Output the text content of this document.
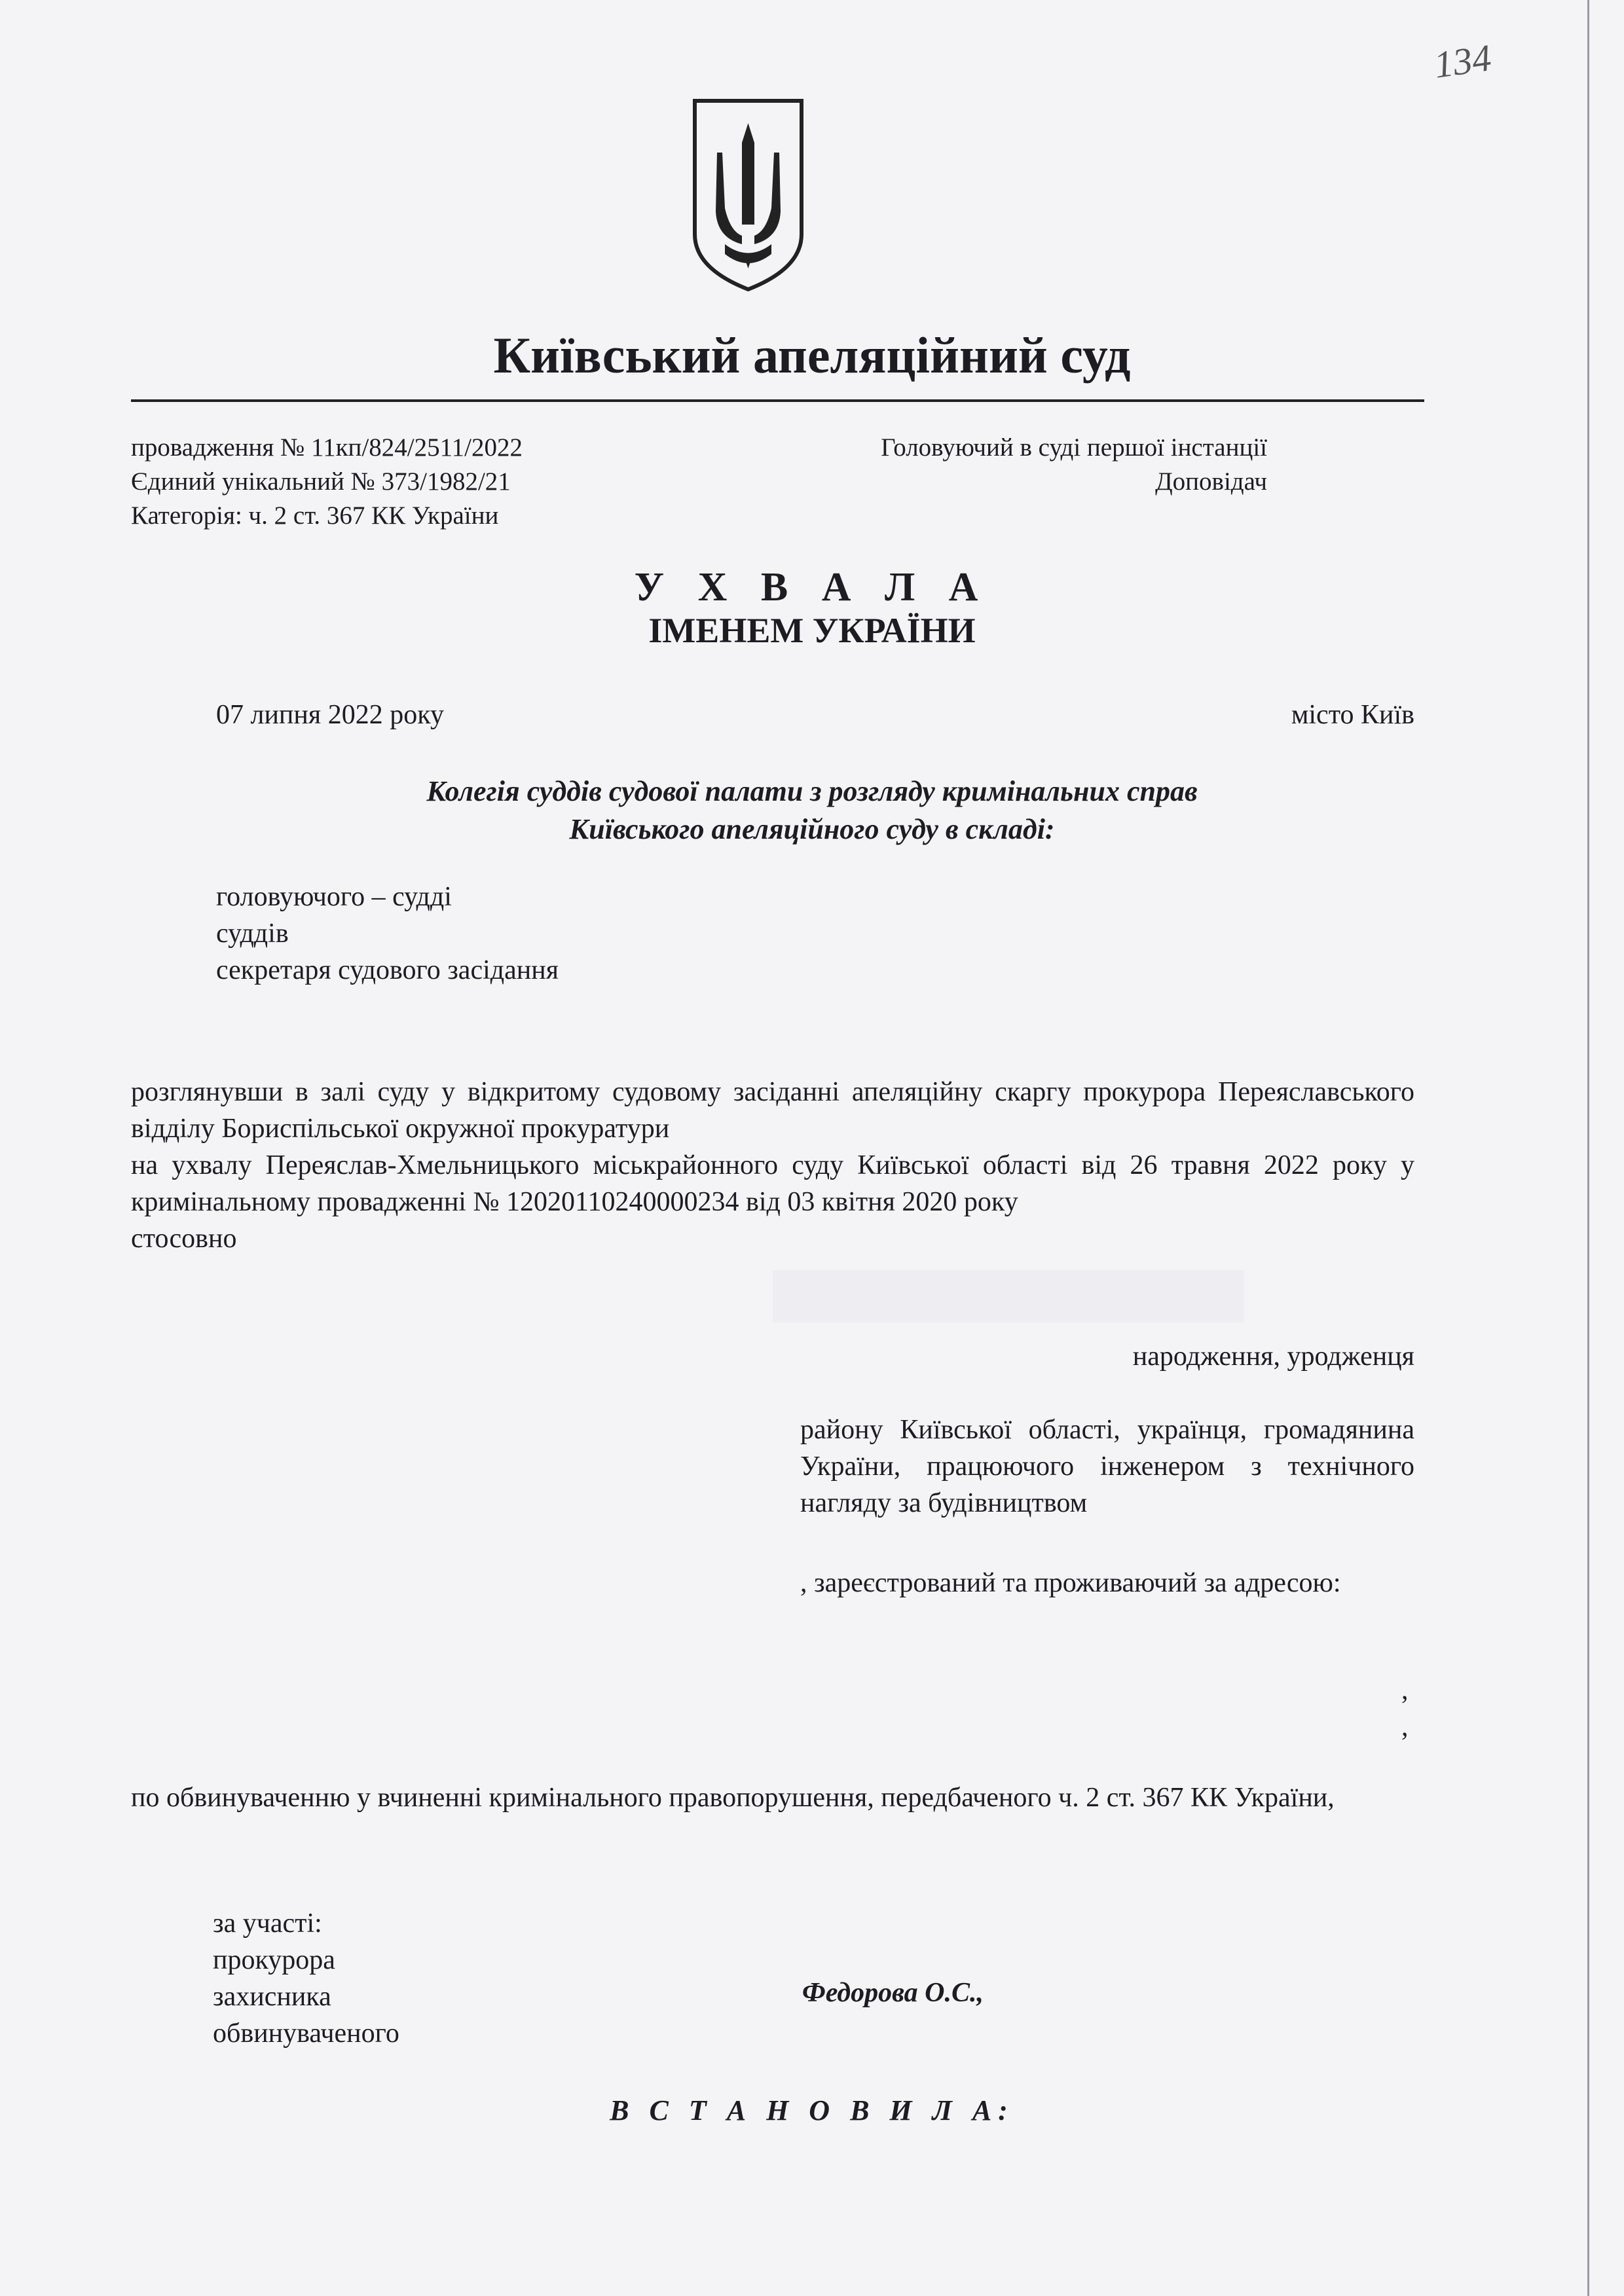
134
Київський апеляційний суд
провадження № 11кп/824/2511/2022
Єдиний унікальний № 373/1982/21
Категорія: ч. 2 ст. 367 КК України
Головуючий в суді першої інстанції
Доповідач
У Х В А Л А
ІМЕНЕМ УКРАЇНИ
07 липня 2022 року	місто Київ
Колегія суддів судової палати з розгляду кримінальних справ
Київського апеляційного суду в складі:
головуючого – судді
суддів
секретаря судового засідання
розглянувши в залі суду у відкритому судовому засіданні апеляційну скаргу прокурора Переяславського відділу Бориспільської окружної прокуратури
на ухвалу Переяслав-Хмельницького міськрайонного суду Київської області від 26 травня 2022 року у кримінальному провадженні № 12020110240000234 від 03 квітня 2020 року
стосовно
народження, уродженця
району Київської області, українця, громадянина України, працюючого інженером з технічного нагляду за будівництвом
, зареєстрований та проживаючий за адресою:
,
,
по обвинуваченню у вчиненні кримінального правопорушення, передбаченого ч. 2 ст. 367 КК України,
за участі:
прокурора
захисника
обвинуваченого
Федорова О.С.,
В С Т А Н О В И Л А:
